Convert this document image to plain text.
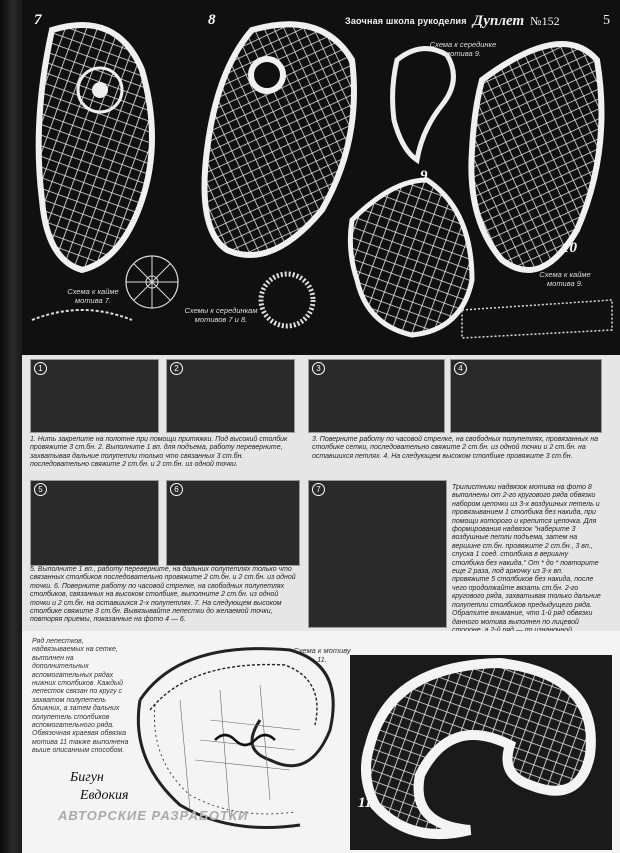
Заочная школа рукоделия Дуплет №152	5
7	8
9
10
Схема к кайме мотива 7.
Схемы к серединкам мотивов 7 и 8.
Схема к серединке мотива 9.
Схема к кайме мотива 9.
1	2	3	4
1. Нить закрепите на полотне при помощи притяжки. Под высокий столбик провяжите 3 ст.бн. 2. Выполните 1 вп. для подъема, работу переверните, захватывая дальние полупетли только что связанных 3 ст.бн. последовательно свяжите 2 ст.бн. и 2 ст.бн. из одной точки.
3. Поверните работу по часовой стрелке, на свободных полупетлях, провязанных на столбике сетки, последовательно свяжите 2 ст.бн. из одной точки и 2 ст.бн. на оставшихся петлях. 4. На следующем высоком столбике провяжите 3 ст.бн.
5	6	7
5. Выполните 1 вп., работу переверните, на дальних полупетлях только что связанных столбиков последовательно провяжите 2 ст.бн. и 2 ст.бн. из одной точки. 6. Поверните работу по часовой стрелке, на свободных полупетлях столбиков, связанных на высоком столбике, выполните 2 ст.бн. из одной точки и 2 ст.бн. на оставшихся 2-х полупетлях. 7. На следующем высоком столбике свяжите 3 ст.бн. Вывязывайте лепестки до желаемой точки, повторяя приемы, показанные на фото 4 — 6.
Трилистники надвязок мотива на фото 8 выполнены от 2-го кругового ряда обвязки набором цепочки из 3-х воздушных петель и провязыванием 1 столбика без накида, при помощи которого и крепится цепочка. Для формирования надвязок "наберите 3 воздушные петли подъема, затем на вершине ст.бн. провяжите 2 ст.бн., 3 вп., спуска 1 соед. столбика в вершину столбика без накида." От * до * повторите еще 2 раза, под аркочку из 3-х вп. провяжите 5 столбиков без накида, после чего продолжайте вязать ст.бн. 2-го кругового ряда, захватывая только дальние полупетли столбиков предыдущего ряда. Обратите внимание, что 1-й ряд обвязки данного мотива выполнен по лицевой
Ряд лепестков, надвязываемых на сетке, выполнен на дополнительных вспомогательных рядах нижних столбиков. Каждый лепесток связан по кругу с захватом полупетель ближних, а затем дальних полупетель столбиков вспомогательного ряда. Обвязочная краевая обвязка мотива 11 также выполнена выше описанным способом.
Схема к мотиву 11.
11
Бигун
Евдокия
АВТОРСКИЕ РАЗРАБОТКИ
